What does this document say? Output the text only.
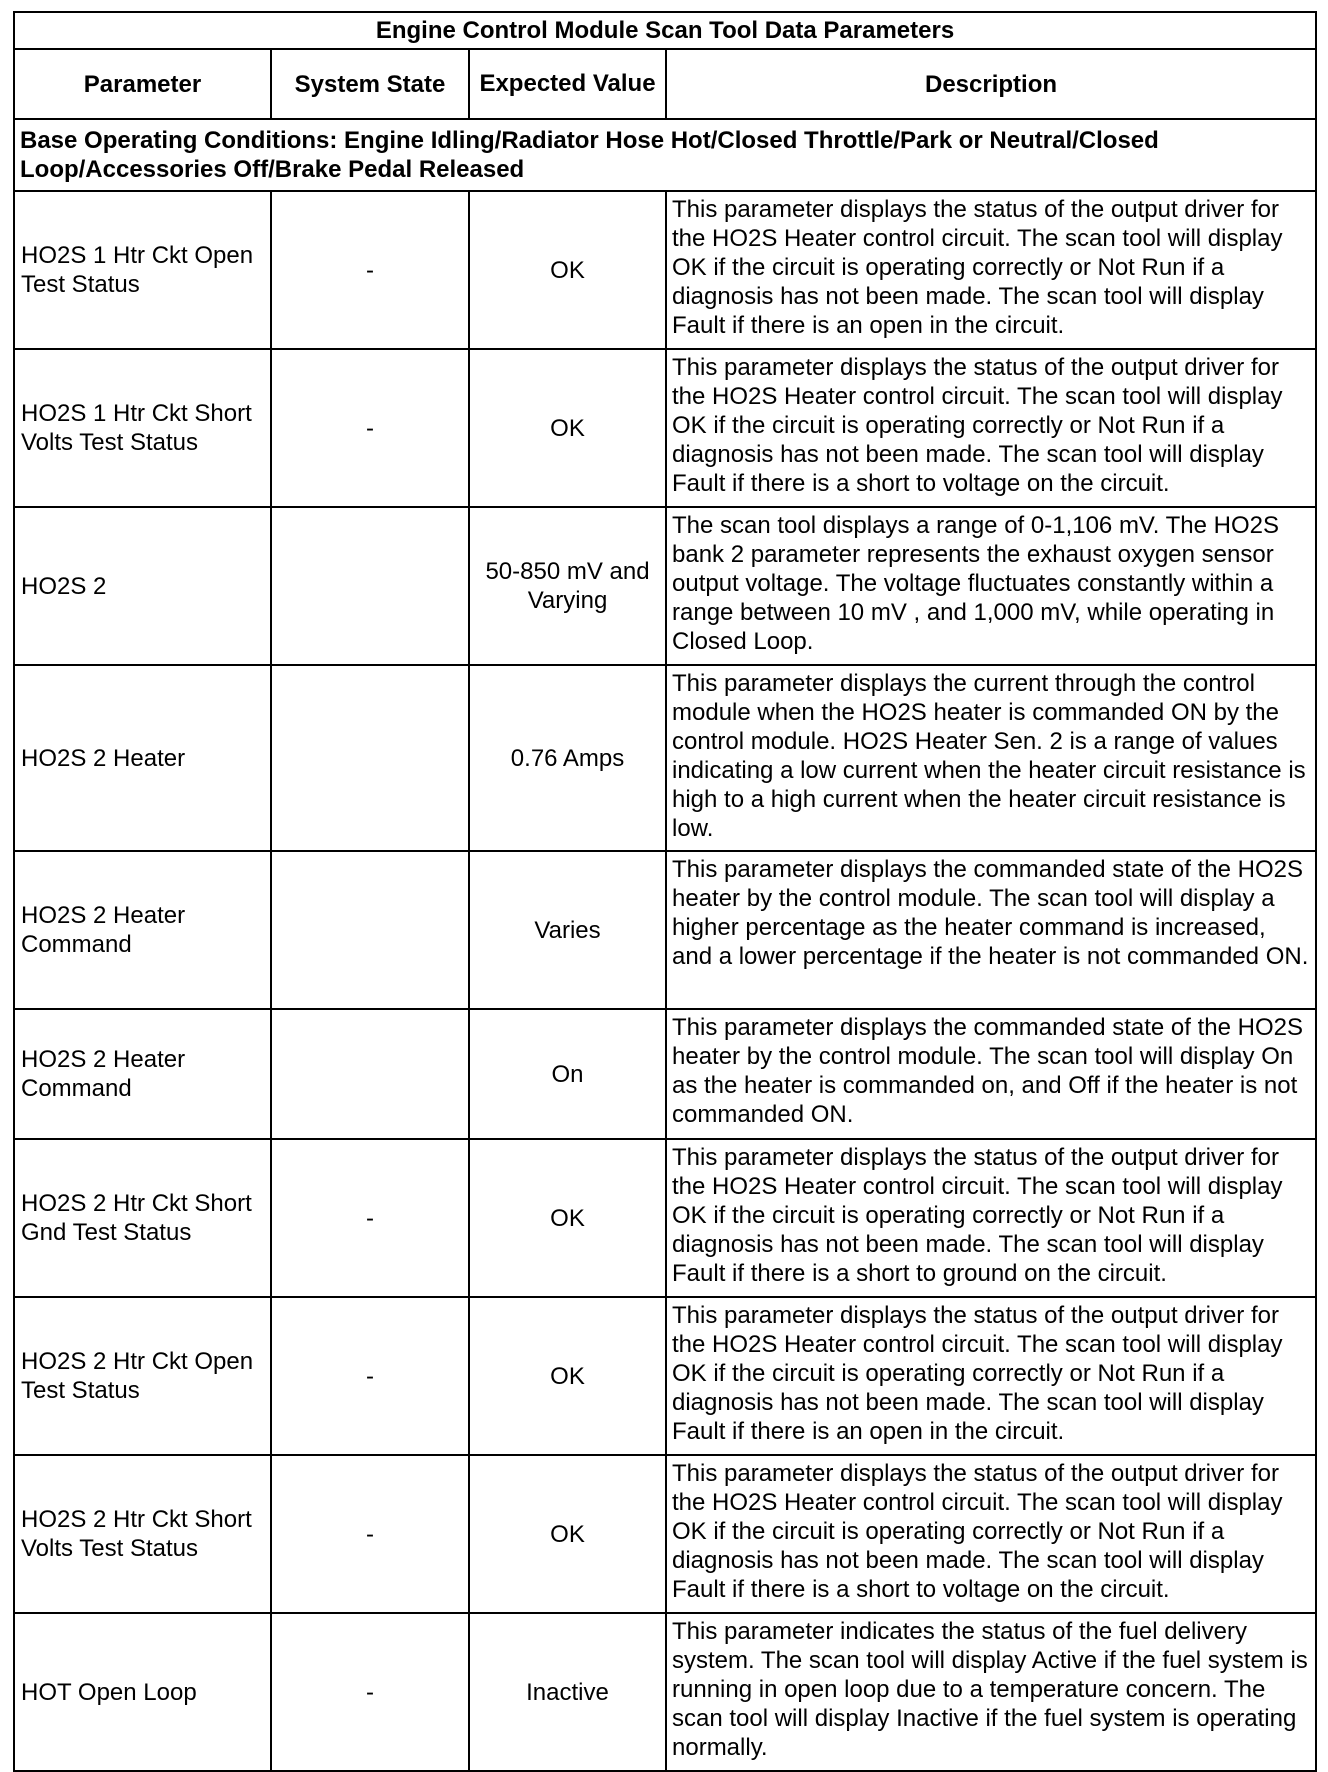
Engine Control Module Scan Tool Data Parameters			
Parameter	System State	Expected Value	Description
Base Operating Conditions: Engine Idling/Radiator Hose Hot/Closed Throttle/Park or Neutral/Closed Loop/Accessories Off/Brake Pedal Released			
HO2S 1 Htr Ckt Open Test Status	-	OK	This parameter displays the status of the output driver for the HO2S Heater control circuit. The scan tool will display OK if the circuit is operating correctly or Not Run if a diagnosis has not been made. The scan tool will display Fault if there is an open in the circuit.
HO2S 1 Htr Ckt Short Volts Test Status	-	OK	This parameter displays the status of the output driver for the HO2S Heater control circuit. The scan tool will display OK if the circuit is operating correctly or Not Run if a diagnosis has not been made. The scan tool will display Fault if there is a short to voltage on the circuit.
HO2S 2		50-850 mV and Varying	The scan tool displays a range of 0-1,106 mV. The HO2S bank 2 parameter represents the exhaust oxygen sensor output voltage. The voltage fluctuates constantly within a range between 10 mV , and 1,000 mV, while operating in Closed Loop.
HO2S 2 Heater		0.76 Amps	This parameter displays the current through the control module when the HO2S heater is commanded ON by the control module. HO2S Heater Sen. 2 is a range of values indicating a low current when the heater circuit resistance is high to a high current when the heater circuit resistance is low.
HO2S 2 Heater Command		Varies	This parameter displays the commanded state of the HO2S heater by the control module. The scan tool will display a higher percentage as the heater command is increased, and a lower percentage if the heater is not commanded ON.
HO2S 2 Heater Command		On	This parameter displays the commanded state of the HO2S heater by the control module. The scan tool will display On as the heater is commanded on, and Off if the heater is not commanded ON.
HO2S 2 Htr Ckt Short Gnd Test Status	-	OK	This parameter displays the status of the output driver for the HO2S Heater control circuit. The scan tool will display OK if the circuit is operating correctly or Not Run if a diagnosis has not been made. The scan tool will display Fault if there is a short to ground on the circuit.
HO2S 2 Htr Ckt Open Test Status	-	OK	This parameter displays the status of the output driver for the HO2S Heater control circuit. The scan tool will display OK if the circuit is operating correctly or Not Run if a diagnosis has not been made. The scan tool will display Fault if there is an open in the circuit.
HO2S 2 Htr Ckt Short Volts Test Status	-	OK	This parameter displays the status of the output driver for the HO2S Heater control circuit. The scan tool will display OK if the circuit is operating correctly or Not Run if a diagnosis has not been made. The scan tool will display Fault if there is a short to voltage on the circuit.
HOT Open Loop	-	Inactive	This parameter indicates the status of the fuel delivery system. The scan tool will display Active if the fuel system is running in open loop due to a temperature concern. The scan tool will display Inactive if the fuel system is operating normally.
